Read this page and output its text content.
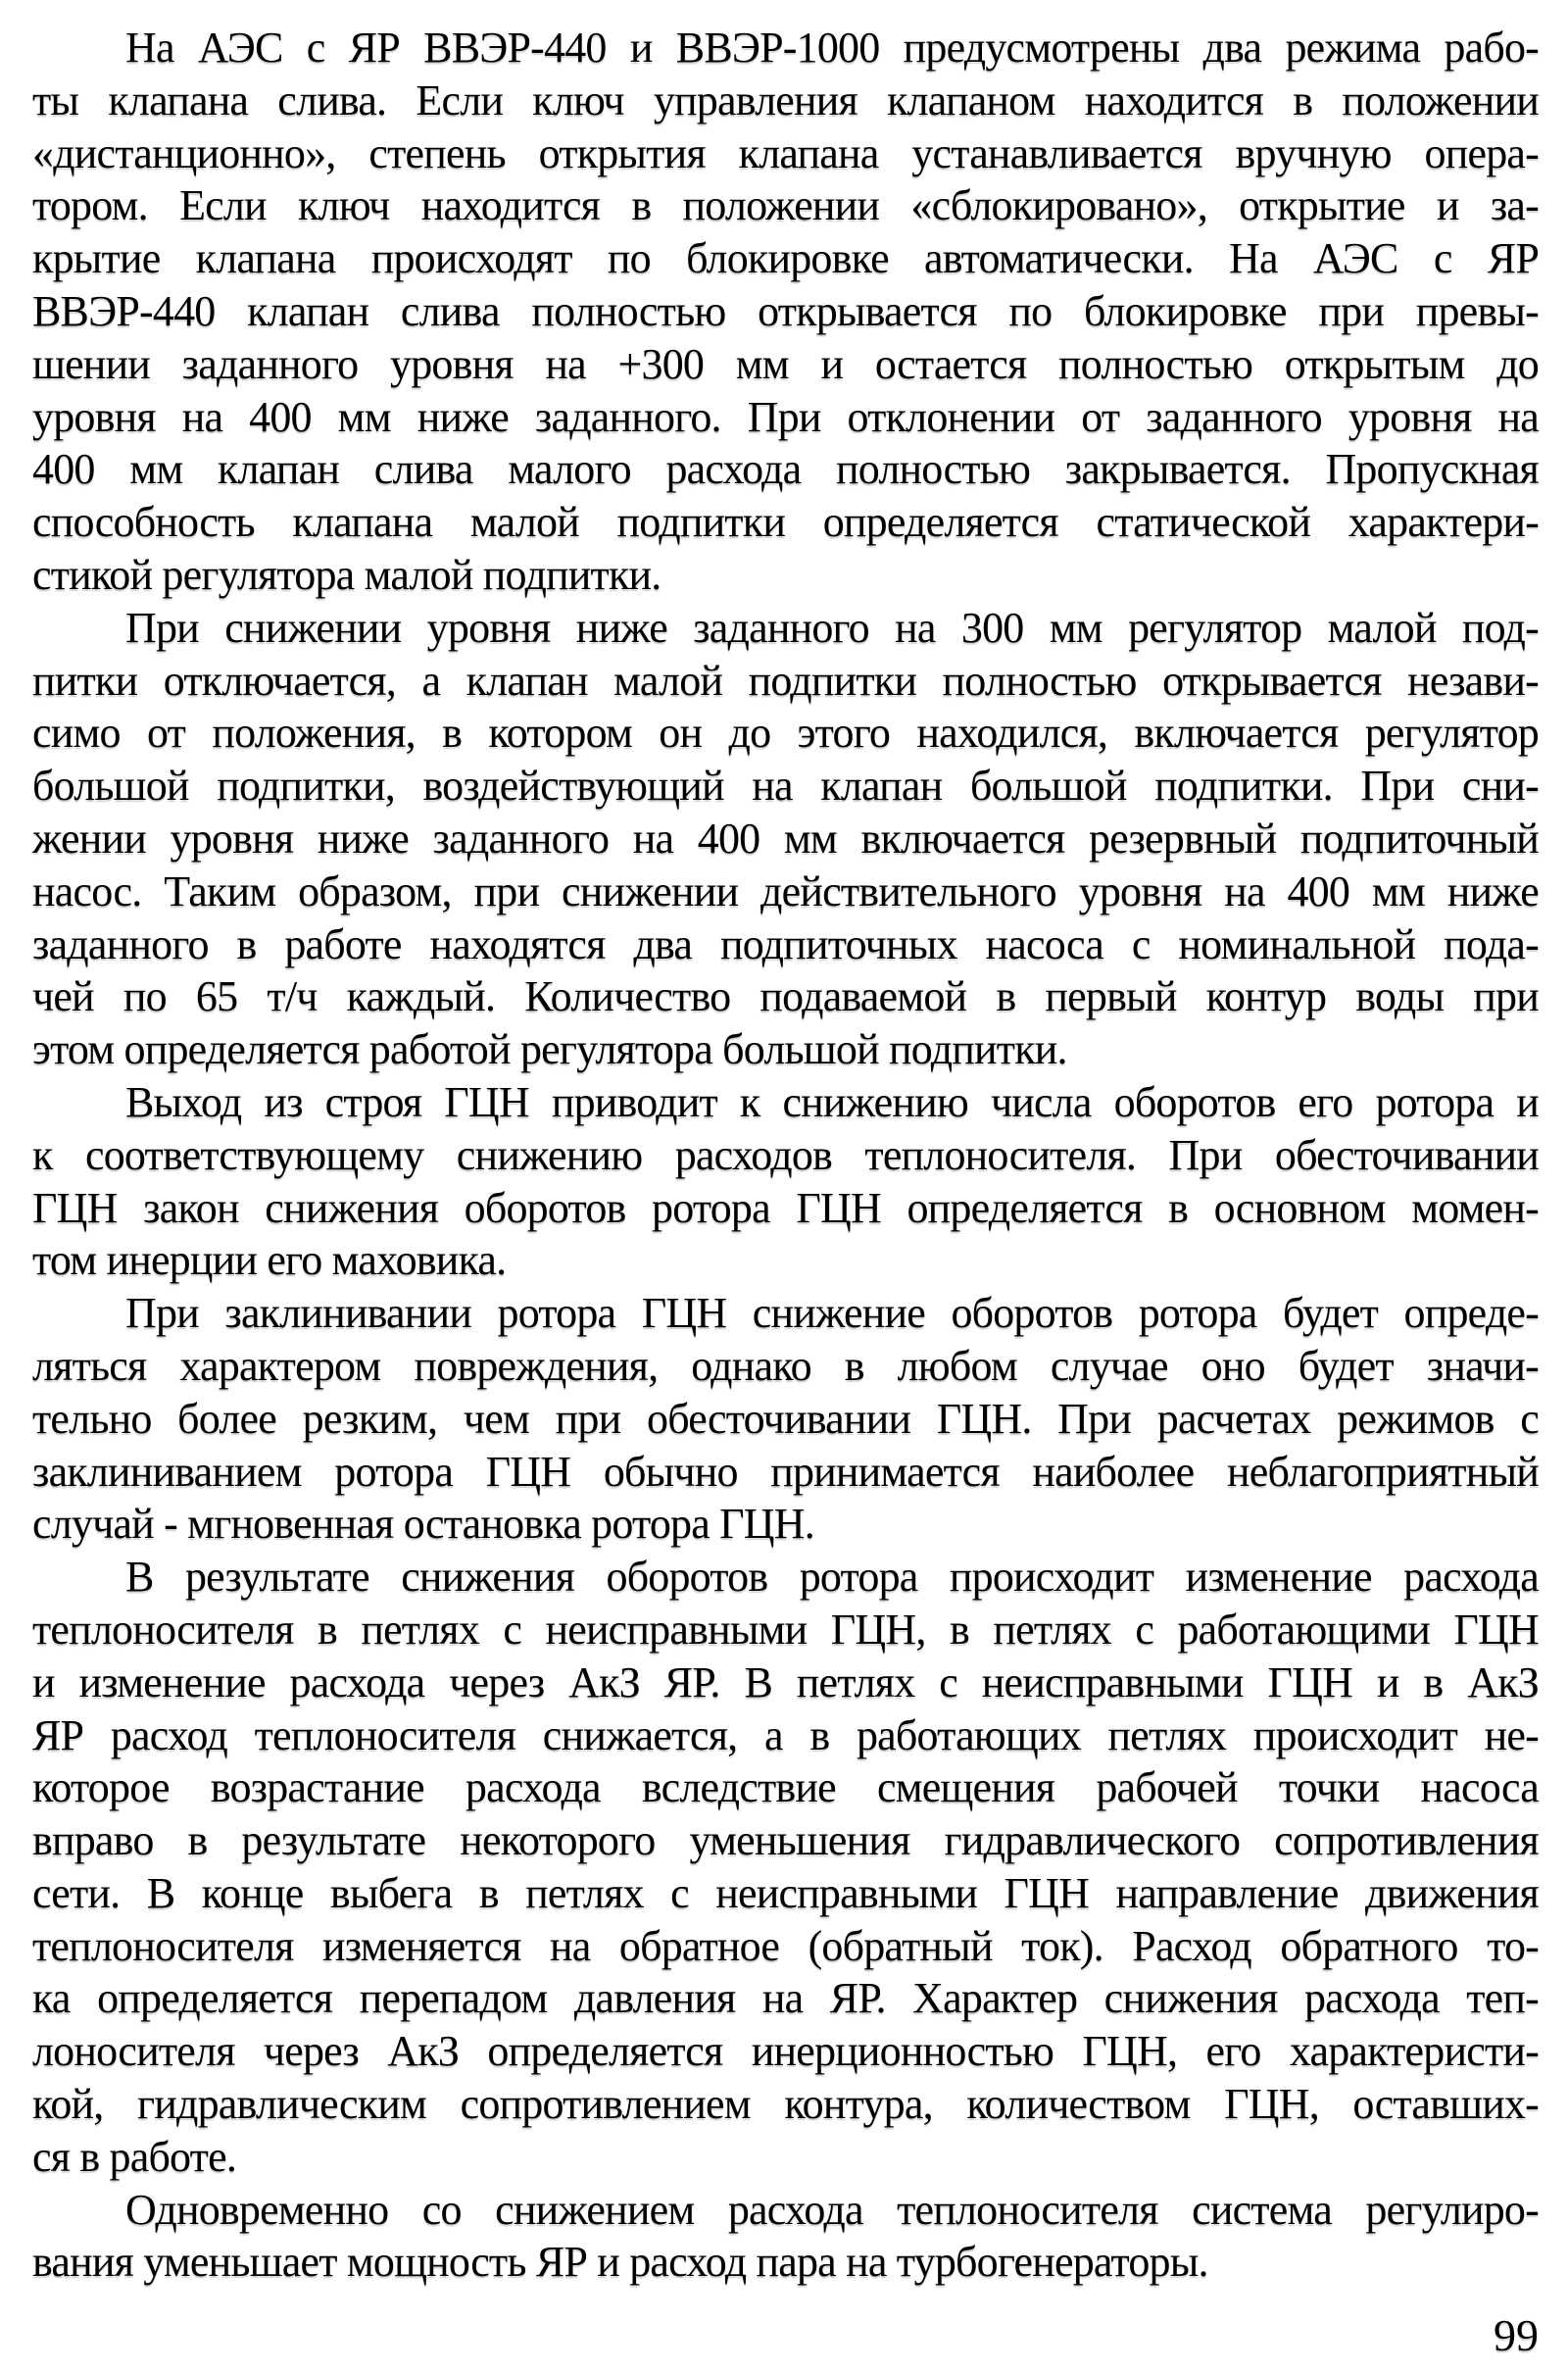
На АЭС с ЯР ВВЭР-440 и ВВЭР-1000 предусмотрены два режима рабо-
ты клапана слива. Если ключ управления клапаном находится в положении
«дистанционно», степень открытия клапана устанавливается вручную опера-
тором. Если ключ находится в положении «сблокировано», открытие и за-
крытие клапана происходят по блокировке автоматически. На АЭС с ЯР
ВВЭР-440 клапан слива полностью открывается по блокировке при превы-
шении заданного уровня на +300 мм и остается полностью открытым до
уровня на 400 мм ниже заданного. При отклонении от заданного уровня на
400 мм клапан слива малого расхода полностью закрывается. Пропускная
способность клапана малой подпитки определяется статической характери-
стикой регулятора малой подпитки.
При снижении уровня ниже заданного на 300 мм регулятор малой под-
питки отключается, а клапан малой подпитки полностью открывается незави-
симо от положения, в котором он до этого находился, включается регулятор
большой подпитки, воздействующий на клапан большой подпитки. При сни-
жении уровня ниже заданного на 400 мм включается резервный подпиточный
насос. Таким образом, при снижении действительного уровня на 400 мм ниже
заданного в работе находятся два подпиточных насоса с номинальной пода-
чей по 65 т/ч каждый. Количество подаваемой в первый контур воды при
этом определяется работой регулятора большой подпитки.
Выход из строя ГЦН приводит к снижению числа оборотов его ротора и
к соответствующему снижению расходов теплоносителя. При обесточивании
ГЦН закон снижения оборотов ротора ГЦН определяется в основном момен-
том инерции его маховика.
При заклинивании ротора ГЦН снижение оборотов ротора будет опреде-
ляться характером повреждения, однако в любом случае оно будет значи-
тельно более резким, чем при обесточивании ГЦН. При расчетах режимов с
заклиниванием ротора ГЦН обычно принимается наиболее неблагоприятный
случай - мгновенная остановка ротора ГЦН.
В результате снижения оборотов ротора происходит изменение расхода
теплоносителя в петлях с неисправными ГЦН, в петлях с работающими ГЦН
и изменение расхода через АкЗ ЯР. В петлях с неисправными ГЦН и в АкЗ
ЯР расход теплоносителя снижается, а в работающих петлях происходит не-
которое возрастание расхода вследствие смещения рабочей точки насоса
вправо в результате некоторого уменьшения гидравлического сопротивления
сети. В конце выбега в петлях с неисправными ГЦН направление движения
теплоносителя изменяется на обратное (обратный ток). Расход обратного то-
ка определяется перепадом давления на ЯР. Характер снижения расхода теп-
лоносителя через АкЗ определяется инерционностью ГЦН, его характеристи-
кой, гидравлическим сопротивлением контура, количеством ГЦН, оставших-
ся в работе.
Одновременно со снижением расхода теплоносителя система регулиро-
вания уменьшает мощность ЯР и расход пара на турбогенераторы.
99
